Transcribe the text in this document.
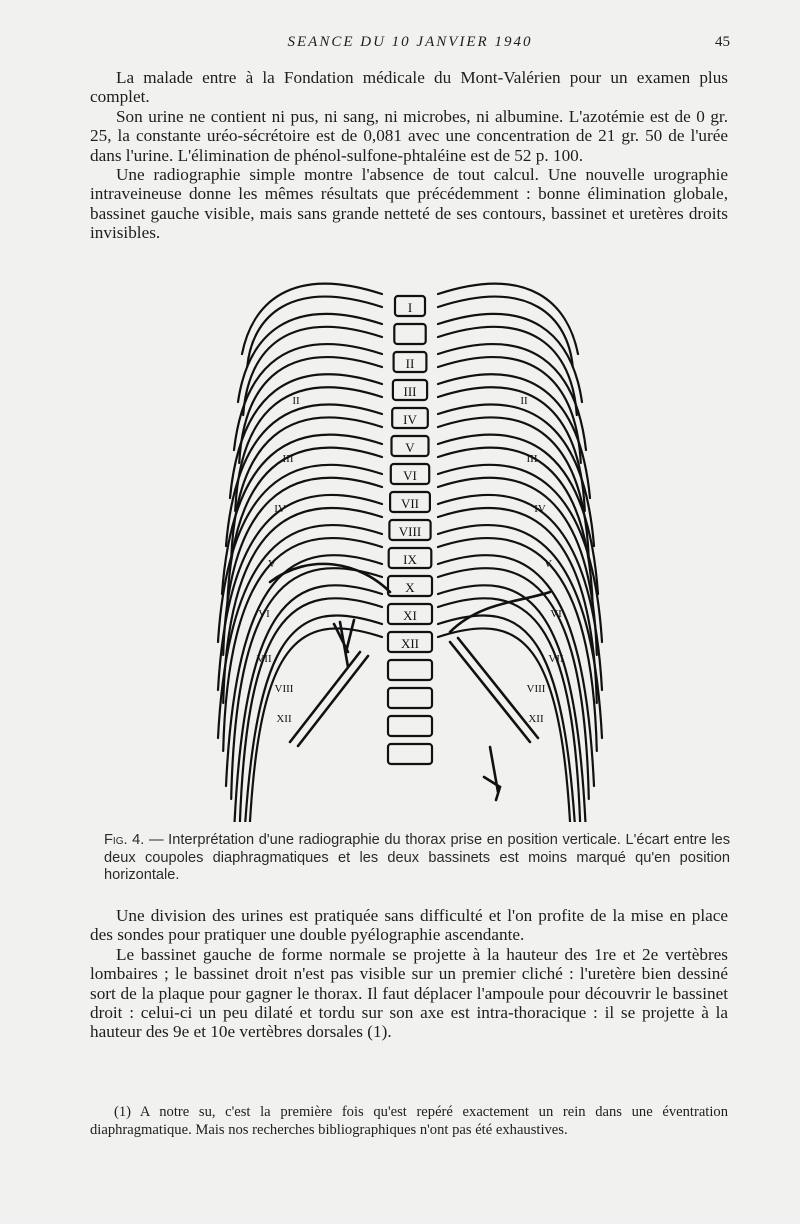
SEANCE DU 10 JANVIER 1940	45

La malade entre à la Fondation médicale du Mont-Valérien pour un examen plus complet.

Son urine ne contient ni pus, ni sang, ni microbes, ni albumine. L'azotémie est de 0 gr. 25, la constante uréo-sécrétoire est de 0,081 avec une concentration de 21 gr. 50 de l'urée dans l'urine. L'élimination de phénol-sulfone-phtaléine est de 52 p. 100.

Une radiographie simple montre l'absence de tout calcul. Une nouvelle urographie intraveineuse donne les mêmes résultats que précédemment : bonne élimination globale, bassinet gauche visible, mais sans grande netteté de ses contours, bassinet et uretères droits invisibles.

I
II
III
IV
V
VI
VII
VIII
IX
X
XI
XII
II
III
IV
V
VI
VII
VIII
XII
II
III
IV
V
VI
VII
VIII
XII

Fig. 4. — Interprétation d'une radiographie du thorax prise en position verticale. L'écart entre les deux coupoles diaphragmatiques et les deux bassinets est moins marqué qu'en position horizontale.

Une division des urines est pratiquée sans difficulté et l'on profite de la mise en place des sondes pour pratiquer une double pyélographie ascendante.

Le bassinet gauche de forme normale se projette à la hauteur des 1re et 2e vertèbres lombaires ; le bassinet droit n'est pas visible sur un premier cliché : l'uretère bien dessiné sort de la plaque pour gagner le thorax. Il faut déplacer l'ampoule pour découvrir le bassinet droit : celui-ci un peu dilaté et tordu sur son axe est intra-thoracique : il se projette à la hauteur des 9e et 10e vertèbres dorsales (1).

(1) A notre su, c'est la première fois qu'est repéré exactement un rein dans une éventration diaphragmatique. Mais nos recherches bibliographiques n'ont pas été exhaustives.
